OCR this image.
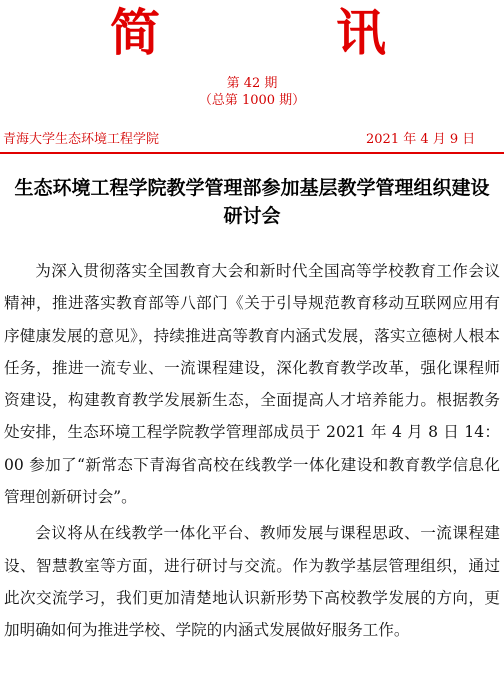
简	讯
第 42 期
（总第 1000 期）
青海大学生态环境工程学院	2021 年 4 月 9 日
生态环境工程学院教学管理部参加基层教学管理组织建设研讨会

为深入贯彻落实全国教育大会和新时代全国高等学校教育工作会议精神，推进落实教育部等八部门《关于引导规范教育移动互联网应用有序健康发展的意见》，持续推进高等教育内涵式发展，落实立德树人根本任务，推进一流专业、一流课程建设，深化教育教学改革，强化课程师资建设，构建教育教学发展新生态，全面提高人才培养能力。根据教务处安排，生态环境工程学院教学管理部成员于 2021 年 4 月 8 日 14：00 参加了“新常态下青海省高校在线教学一体化建设和教育教学信息化管理创新研讨会”。

会议将从在线教学一体化平台、教师发展与课程思政、一流课程建设、智慧教室等方面，进行研讨与交流。作为教学基层管理组织，通过此次交流学习，我们更加清楚地认识新形势下高校教学发展的方向，更加明确如何为推进学校、学院的内涵式发展做好服务工作。
